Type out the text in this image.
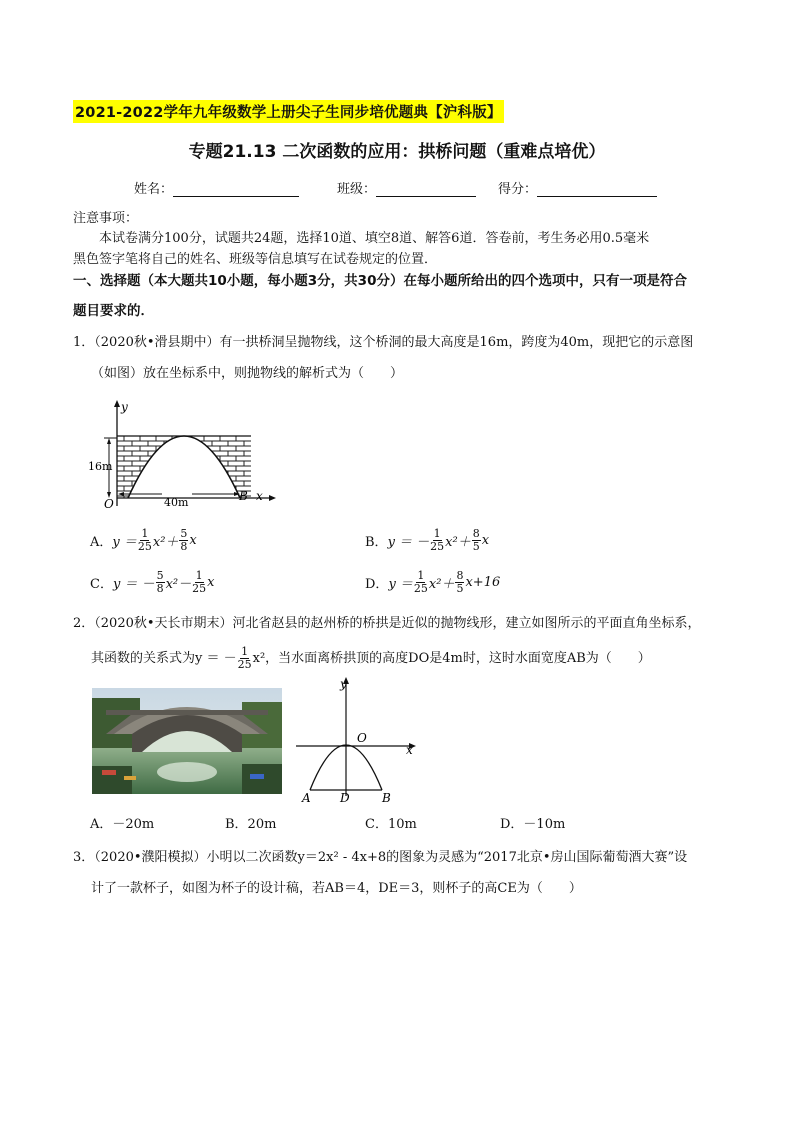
2021-2022学年九年级数学上册尖子生同步培优题典【沪科版】
专题21.13 二次函数的应用：拱桥问题（重难点培优）
姓名：	班级：	得分：
注意事项：
本试卷满分100分，试题共24题，选择10道、填空8道、解答6道．答卷前，考生务必用0.5毫米
黑色签字笔将自己的姓名、班级等信息填写在试卷规定的位置．
一、选择题（本大题共10小题，每小题3分，共30分）在每小题所给出的四个选项中，只有一项是符合
题目要求的．
1．（2020秋•滑县期中）有一拱桥洞呈抛物线，这个桥洞的最大高度是16m，跨度为40m，现把它的示意图
（如图）放在坐标系中，则抛物线的解析式为（　　）
y
16m
O	40m	B x
A． $y = \frac{1}{25} x^2+ \frac{5}{8}$ x	B． y ＝ － $\frac{1}{25} x^2+ \frac{8}{5}$ x
C． y ＝ － $\frac{5}{8} x^2- \frac{1}{25}$ x	D． $y = \frac{1}{25} x^2+ \frac{8}{5} x+16$
2．（2020秋•天长市期末）河北省赵县的赵州桥的桥拱是近似的抛物线形，建立如图所示的平面直角坐标系，
其函数的关系式为y ＝ － $\frac{1}{25} x^2$，当水面离桥拱顶的高度DO是4m时，这时水面宽度AB为（　　）
y
O
x
A D	B
A．－20m	B．20m	C．10m	D．－10m
3．（2020•濮阳模拟）小明以二次函数y＝2x² - 4x+8的图象为灵感为“2017北京•房山国际葡萄酒大赛”设
计了一款杯子，如图为杯子的设计稿，若AB＝4，DE＝3，则杯子的高CE为（　　）
